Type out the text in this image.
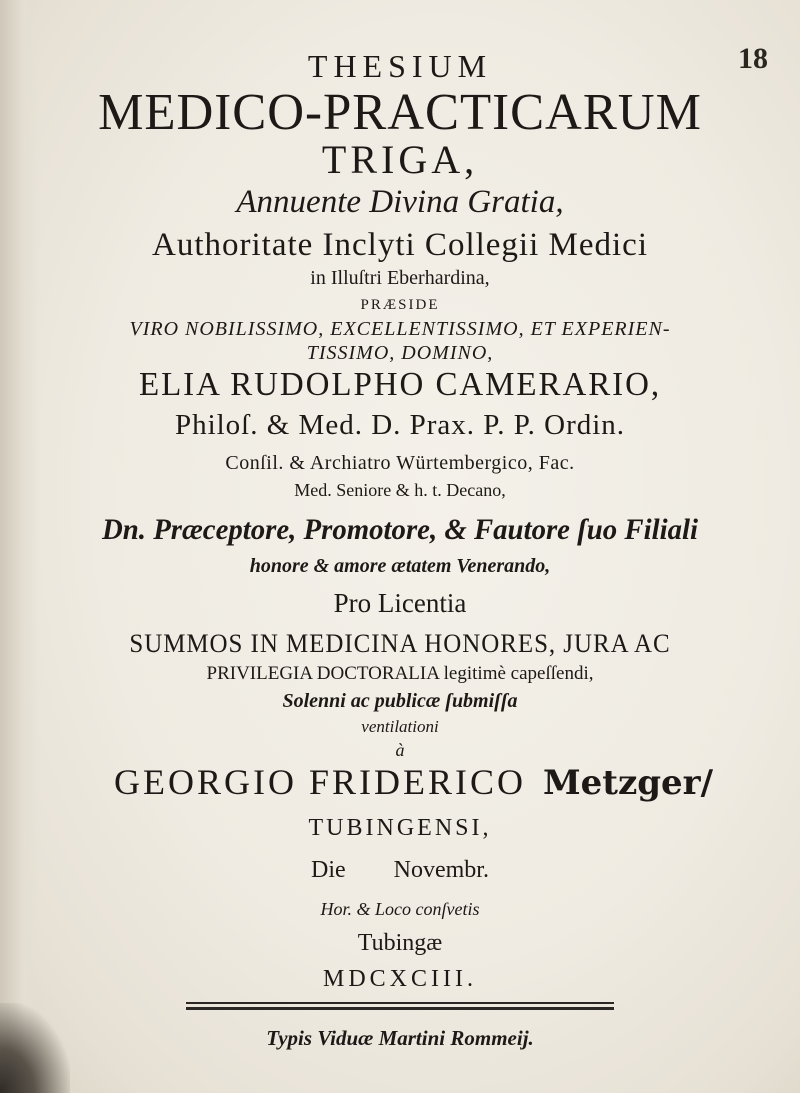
18
THESIUM
MEDICO-PRACTICARUM
TRIGA,
Annuente Divina Gratia,
Authoritate Inclyti Collegii Medici
in Illuſtri Eberhardina,
PRÆSIDE
VIRO NOBILISSIMO, EXCELLENTISSIMO, ET EXPERIEN-
TISSIMO, DOMINO,
ELIA RUDOLPHO CAMERARIO,
Philoſ. & Med. D. Prax. P. P. Ordin.
Conſil. & Archiatro Würtembergico, Fac.
Med. Seniore & h. t. Decano,
Dn. Præceptore, Promotore, & Fautore ſuo Filiali
honore & amore ætatem Venerando,
Pro Licentia
SUMMOS IN MEDICINA HONORES, JURA AC
PRIVILEGIA DOCTORALIA legitimè capeſſendi,
Solenni ac publicæ ſubmiſſa
ventilationi
à
GEORGIO FRIDERICO Metzger/
TUBINGENSI,
Die        Novembr.
Hor. & Loco conſvetis
Tubingæ
MDCXCIII.
Typis Viduæ Martini Rommeij.
